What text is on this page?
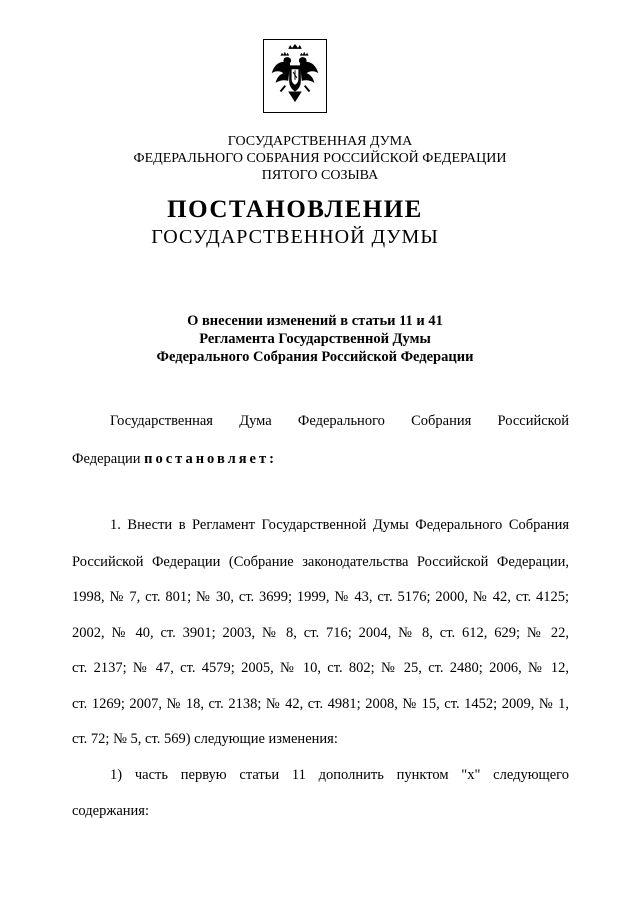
ГОСУДАРСТВЕННАЯ ДУМА
ФЕДЕРАЛЬНОГО СОБРАНИЯ РОССИЙСКОЙ ФЕДЕРАЦИИ
ПЯТОГО СОЗЫВА
ПОСТАНОВЛЕНИЕ
ГОСУДАРСТВЕННОЙ ДУМЫ
О внесении изменений в статьи 11 и 41
Регламента Государственной Думы
Федерального Собрания Российской Федерации
Государственная Дума Федерального Собрания Российской
Федерации постановляет:
1. Внести в Регламент Государственной Думы Федерального Собрания
Российской Федерации (Собрание законодательства Российской Федерации,
1998, № 7, ст. 801; № 30, ст. 3699; 1999, № 43, ст. 5176; 2000, № 42, ст. 4125;
2002, № 40, ст. 3901; 2003, № 8, ст. 716; 2004, № 8, ст. 612, 629; № 22,
ст. 2137; № 47, ст. 4579; 2005, № 10, ст. 802; № 25, ст. 2480; 2006, № 12,
ст. 1269; 2007, № 18, ст. 2138; № 42, ст. 4981; 2008, № 15, ст. 1452; 2009, № 1,
ст. 72; № 5, ст. 569) следующие изменения:
1) часть первую статьи 11 дополнить пунктом "х" следующего
содержания:
